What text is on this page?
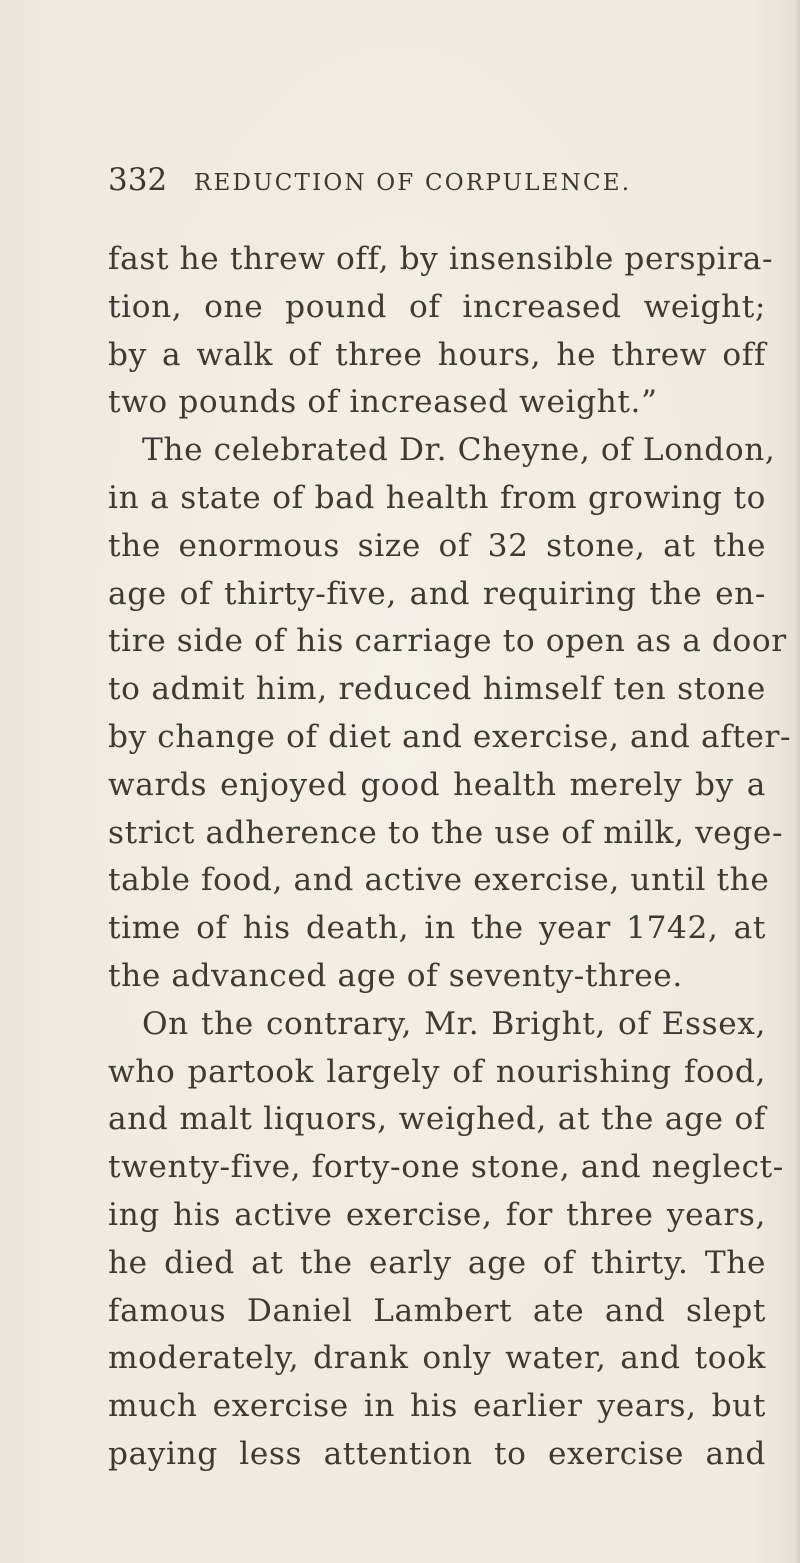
332	REDUCTION OF CORPULENCE.
fast he threw off, by insensible perspira-
tion, one pound of increased weight;
by a walk of three hours, he threw off
two pounds of increased weight.”
The celebrated Dr. Cheyne, of London,
in a state of bad health from growing to
the enormous size of 32 stone, at the
age of thirty-five, and requiring the en-
tire side of his carriage to open as a door
to admit him, reduced himself ten stone
by change of diet and exercise, and after-
wards enjoyed good health merely by a
strict adherence to the use of milk, vege-
table food, and active exercise, until the
time of his death, in the year 1742, at
the advanced age of seventy-three.
On the contrary, Mr. Bright, of Essex,
who partook largely of nourishing food,
and malt liquors, weighed, at the age of
twenty-five, forty-one stone, and neglect-
ing his active exercise, for three years,
he died at the early age of thirty. The
famous Daniel Lambert ate and slept
moderately, drank only water, and took
much exercise in his earlier years, but
paying less attention to exercise and
